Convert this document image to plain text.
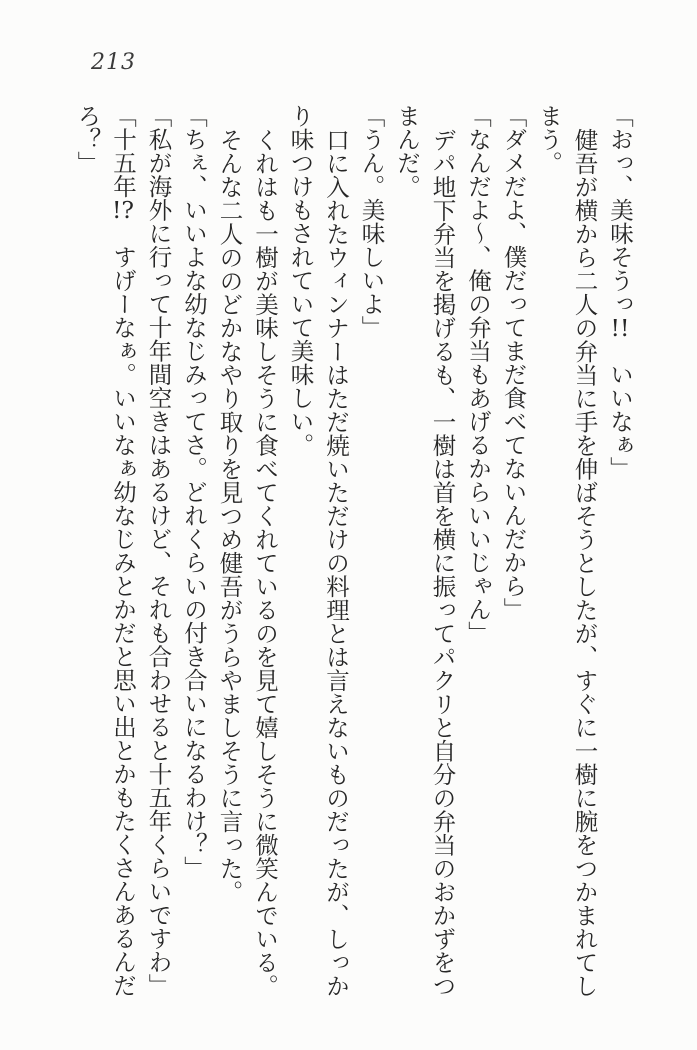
213

「おっ、美味そうっ!!　いいなぁ」

健吾が横から二人の弁当に手を伸ばそうとしたが、すぐに一樹に腕をつかまれてしまう。

「ダメだよ、僕だってまだ食べてないんだから」

「なんだよ〜、俺の弁当もあげるからいいじゃん」

デパ地下弁当を掲げるも、一樹は首を横に振ってパクリと自分の弁当のおかずをつまんだ。

「うん。美味しいよ」

口に入れたウィンナーはただ焼いただけの料理とは言えないものだったが、しっかり味つけもされていて美味しい。

くれはも一樹が美味しそうに食べてくれているのを見て嬉しそうに微笑んでいる。

そんな二人ののどかなやり取りを見つめ健吾がうらやましそうに言った。

「ちぇ、いいよな幼なじみってさ。どれくらいの付き合いになるわけ？」

「私が海外に行って十年間空きはあるけど、それも合わせると十五年くらいですわ」

「十五年!?　すげーなぁ。いいなぁ幼なじみとかだと思い出とかもたくさんあるんだろ？」
